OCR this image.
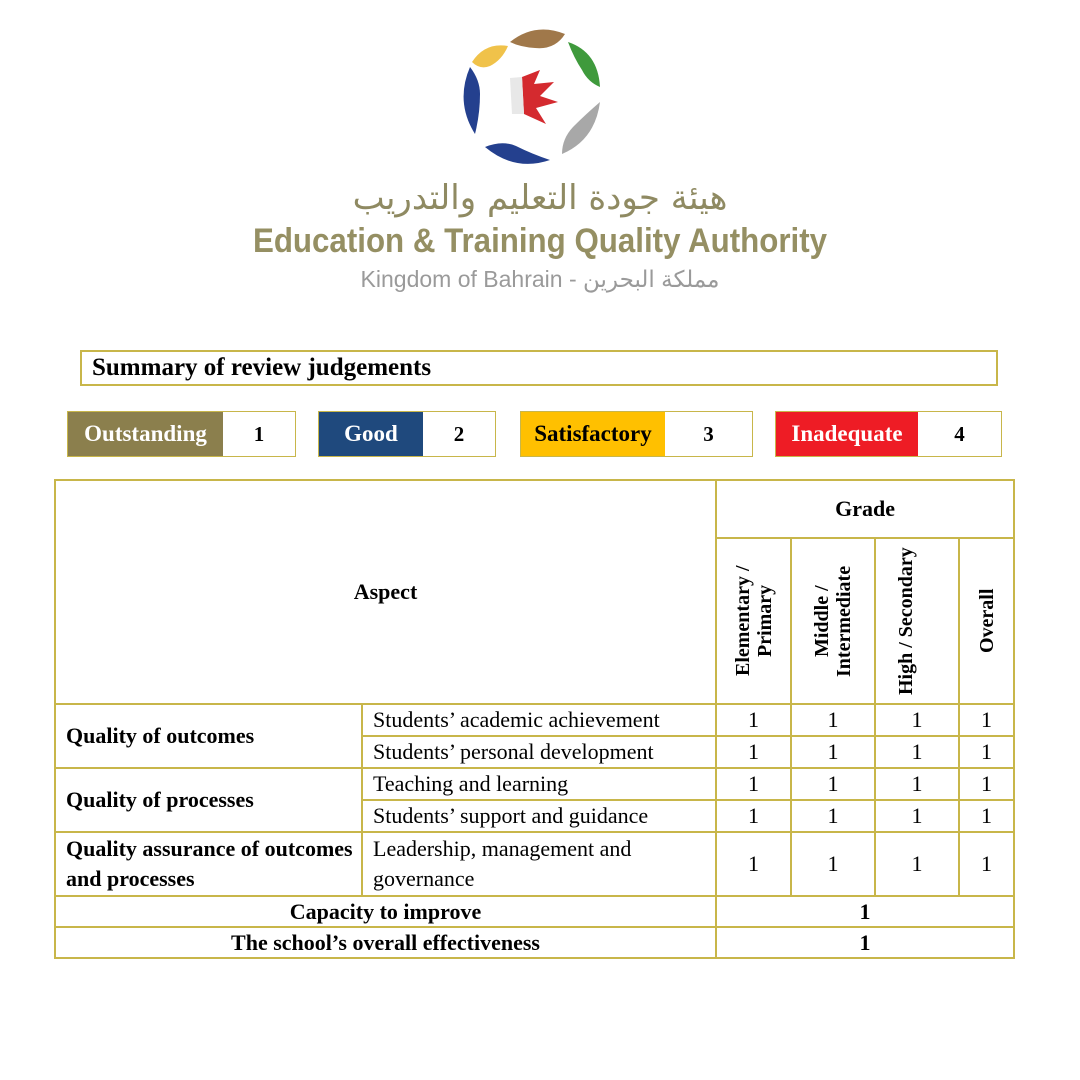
هيئة جودة التعليم والتدريب
Education & Training Quality Authority
Kingdom of Bahrain - مملكة البحرين
Summary of review judgements
Outstanding	1	Good	2	Satisfactory	3	Inadequate	4
Aspect		Grade			

		Elementary / Primary	Middle / Intermediate	High / Secondary	Overall

Quality of outcomes	Students’ academic achievement	1	1	1	1
	Students’ personal development	1	1	1	1
Quality of processes	Teaching and learning	1	1	1	1
	Students’ support and guidance	1	1	1	1
Quality assurance of outcomes and processes	Leadership, management and governance	1	1	1	1
Capacity to improve		1			
The school’s overall effectiveness		1			
